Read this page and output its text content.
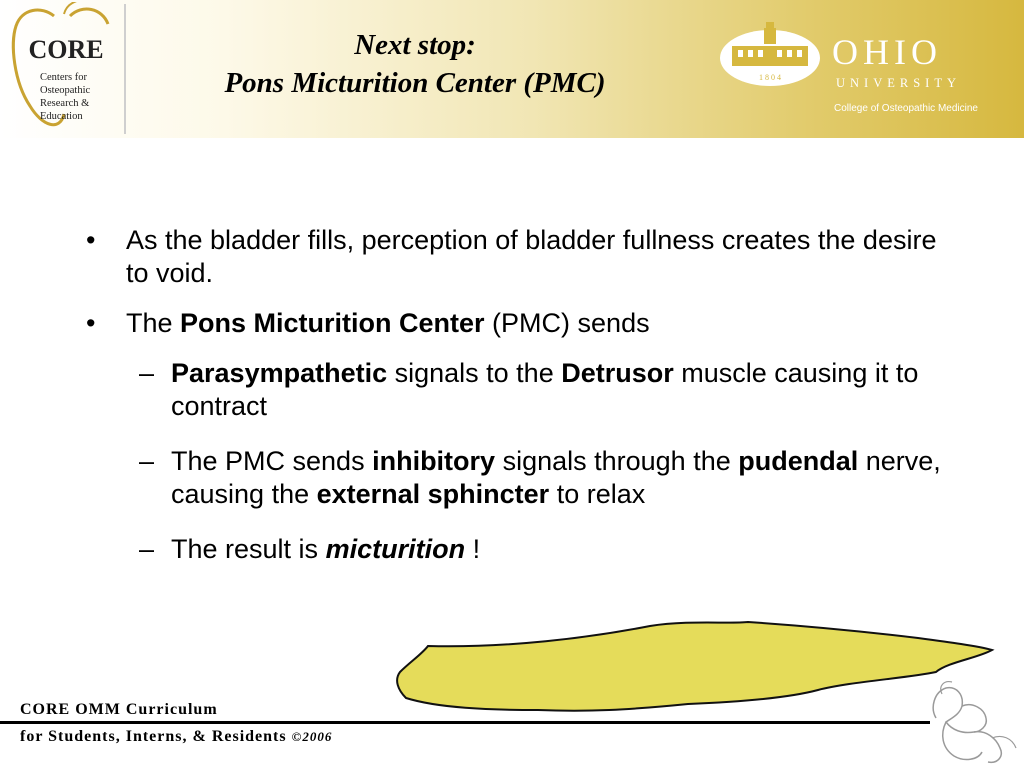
CORE
Centers for
Osteopathic
Research &
Education
Next stop:
Pons Micturition Center (PMC)	1 8 0 4
OHIO
UNIVERSITY
College of Osteopathic Medicine
• As the bladder fills, perception of bladder fullness creates the desire to void.
• The Pons Micturition Center (PMC) sends
– Parasympathetic signals to the Detrusor muscle causing it to contract
– The PMC sends inhibitory signals through the pudendal nerve, causing the external sphincter to relax
– The result is micturition !
CORE OMM Curriculum
for Students, Interns, & Residents ©2006
